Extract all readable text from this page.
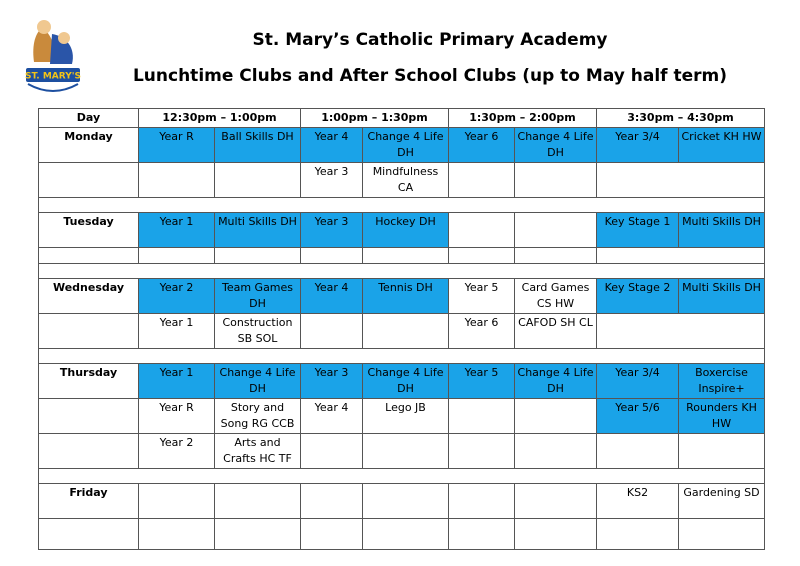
ST. MARY'S
St. Mary’s Catholic Primary Academy
Lunchtime Clubs and After School Clubs (up to May half term)
Day	12:30pm – 1:00pm		1:00pm – 1:30pm		1:30pm – 2:00pm		3:30pm – 4:30pm	
Monday	Year R	Ball Skills DH	Year 4	Change 4 Life DH	Year 6	Change 4 Life DH	Year 3/4	Cricket KH HW
			Year 3	Mindfulness CA				

Tuesday	Year 1	Multi Skills DH	Year 3	Hockey DH			Key Stage 1	Multi Skills DH

Wednesday	Year 2	Team Games DH	Year 4	Tennis DH	Year 5	Card Games CS HW	Key Stage 2	Multi Skills DH
	Year 1	Construction SB SOL			Year 6	CAFOD SH CL		

Thursday	Year 1	Change 4 Life DH	Year 3	Change 4 Life DH	Year 5	Change 4 Life DH	Year 3/4	Boxercise Inspire+
	Year R	Story and Song RG CCB	Year 4	Lego JB			Year 5/6	Rounders KH HW
	Year 2	Arts and Crafts HC TF						

Friday							KS2	Gardening SD
